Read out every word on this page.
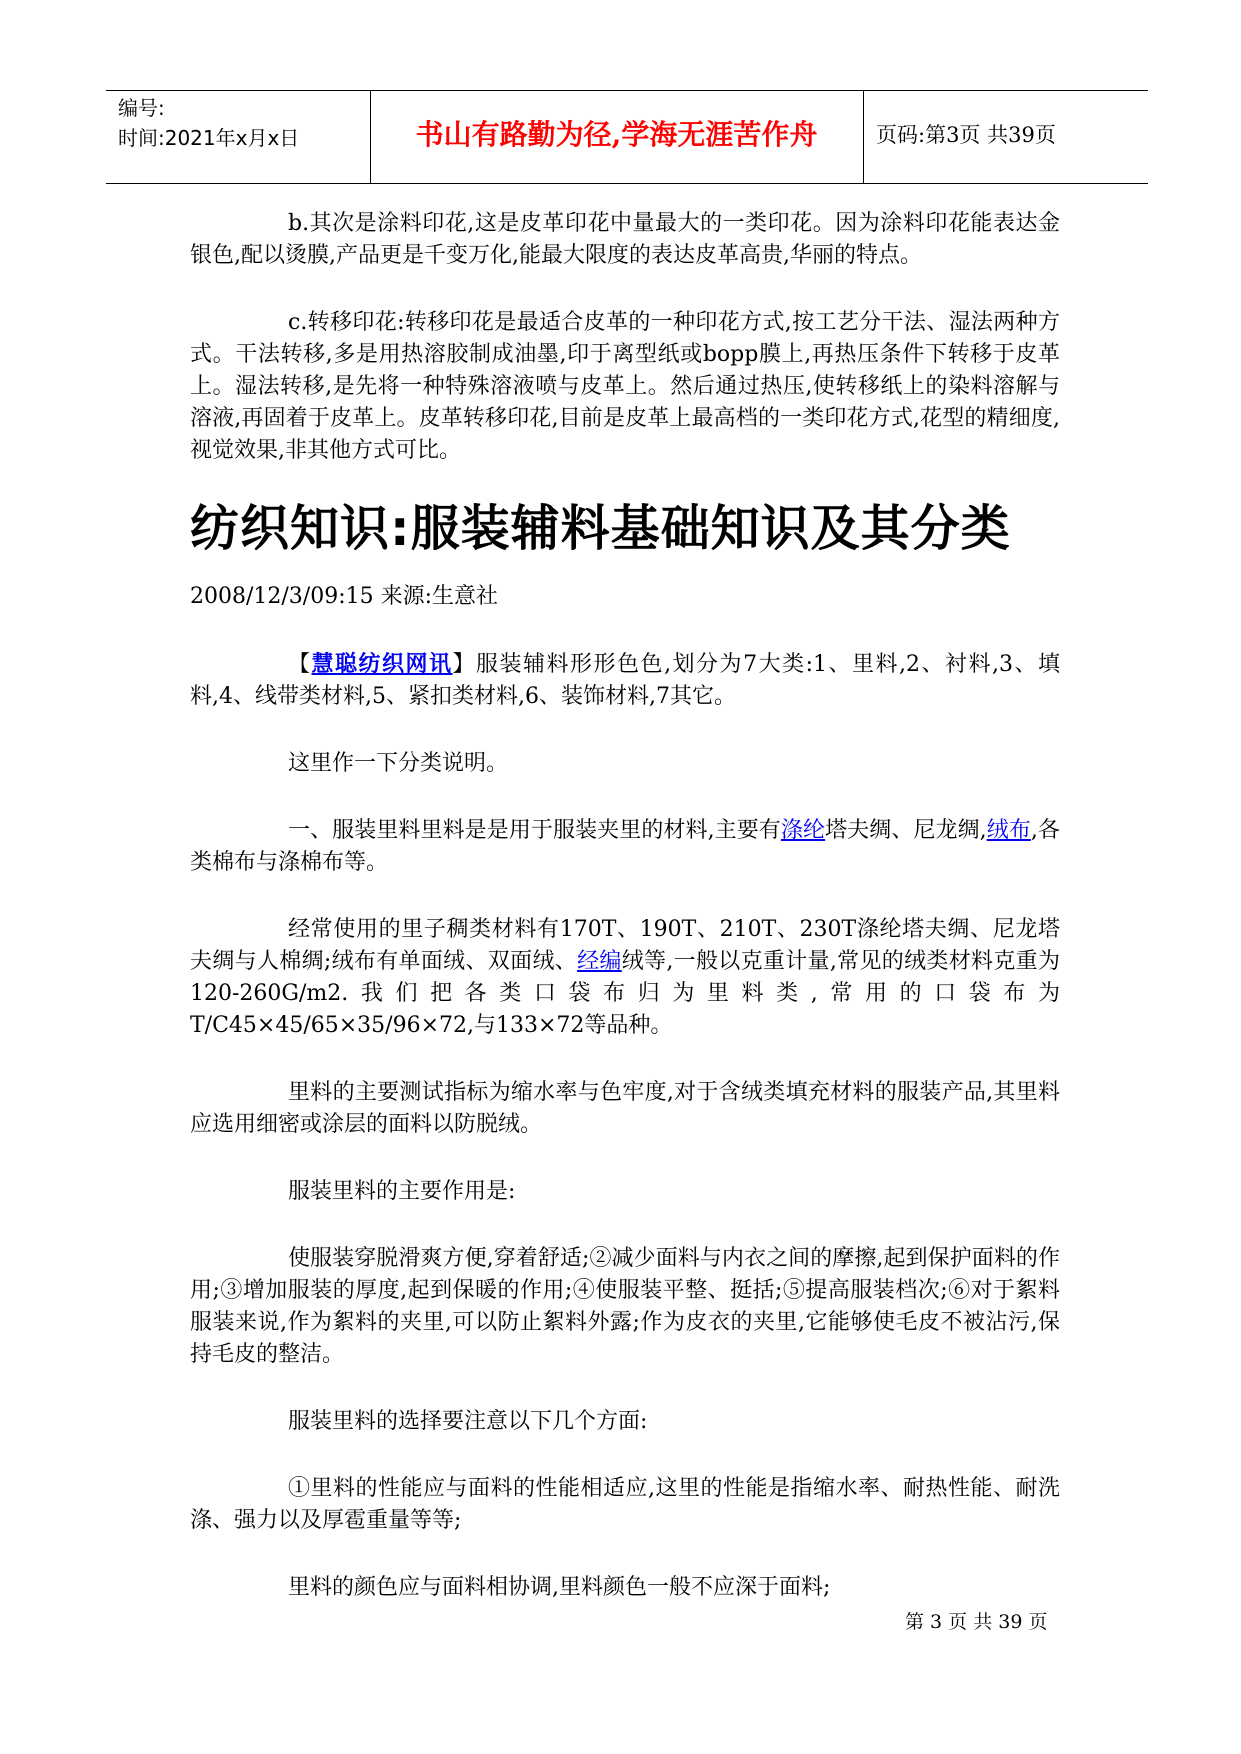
编号:
时间:2021年x月x日	书山有路勤为径,学海无涯苦作舟	页码:第3页 共39页

b.其次是涂料印花,这是皮革印花中量最大的一类印花。因为涂料印花能表达金银色,配以烫膜,产品更是千变万化,能最大限度的表达皮革高贵,华丽的特点。

c.转移印花:转移印花是最适合皮革的一种印花方式,按工艺分干法、湿法两种方式。干法转移,多是用热溶胶制成油墨,印于离型纸或bopp膜上,再热压条件下转移于皮革上。湿法转移,是先将一种特殊溶液喷与皮革上。然后通过热压,使转移纸上的染料溶解与溶液,再固着于皮革上。皮革转移印花,目前是皮革上最高档的一类印花方式,花型的精细度,视觉效果,非其他方式可比。

纺织知识:服装辅料基础知识及其分类
2008/12/3/09:15 来源:生意社

【慧聪纺织网讯】服装辅料形形色色,划分为7大类:1、里料,2、衬料,3、填料,4、线带类材料,5、紧扣类材料,6、装饰材料,7其它。

这里作一下分类说明。

一、服装里料里料是是用于服装夹里的材料,主要有涤纶塔夫绸、尼龙绸,绒布,各类棉布与涤棉布等。

经常使用的里子稠类材料有170T、190T、210T、230T涤纶塔夫绸、尼龙塔夫绸与人棉绸;绒布有单面绒、双面绒、经编绒等,一般以克重计量,常见的绒类材料克重为120-260G/m2.我们把各类口袋布归为里料类,常用的口袋布为T/C45×45/65×35/96×72,与133×72等品种。

里料的主要测试指标为缩水率与色牢度,对于含绒类填充材料的服装产品,其里料应选用细密或涂层的面料以防脱绒。

服装里料的主要作用是:

使服装穿脱滑爽方便,穿着舒适;②减少面料与内衣之间的摩擦,起到保护面料的作用;③增加服装的厚度,起到保暖的作用;④使服装平整、挺括;⑤提高服装档次;⑥对于絮料服装来说,作为絮料的夹里,可以防止絮料外露;作为皮衣的夹里,它能够使毛皮不被沾污,保持毛皮的整洁。

服装里料的选择要注意以下几个方面:

①里料的性能应与面料的性能相适应,这里的性能是指缩水率、耐热性能、耐洗涤、强力以及厚雹重量等等;

里料的颜色应与面料相协调,里料颜色一般不应深于面料;

第 3 页 共 39 页
